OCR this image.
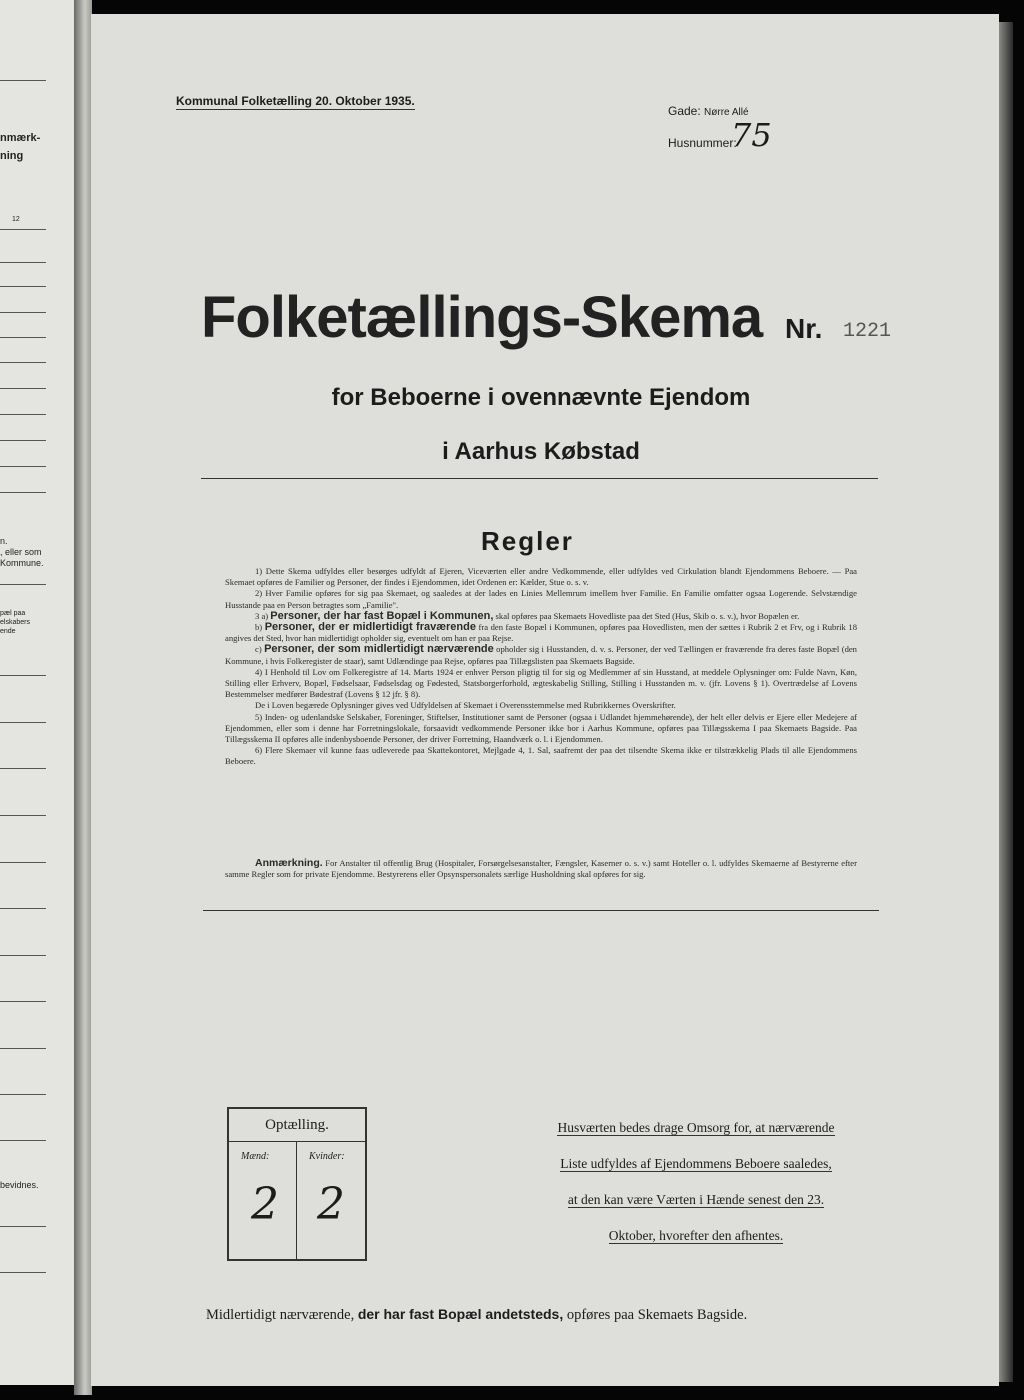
nmærk-
ning
12
n.
, eller som
Kommune.
pæl paa
elskabers
ende
bevidnes.
Kommunal Folketælling 20. Oktober 1935.
Gade: Nørre Allé
Husnummer:
75
Folketællings-Skema Nr. 1221
for Beboerne i ovennævnte Ejendom
i Aarhus Købstad
Regler

1) Dette Skema udfyldes eller besørges udfyldt af Ejeren, Viceværten eller andre Vedkommende, eller udfyldes ved Cirkulation blandt Ejendommens Beboere. — Paa Skemaet opføres de Familier og Personer, der findes i Ejendommen, idet Ordenen er: Kælder, Stue o. s. v.

2) Hver Familie opføres for sig paa Skemaet, og saaledes at der lades en Linies Mellemrum imellem hver Familie. En Familie omfatter ogsaa Logerende. Selvstændige Husstande paa en Person betragtes som „Familie".

3 a) Personer, der har fast Bopæl i Kommunen, skal opføres paa Skemaets Hovedliste paa det Sted (Hus, Skib o. s. v.), hvor Bopælen er.

b) Personer, der er midlertidigt fraværende fra den faste Bopæl i Kommunen, opføres paa Hovedlisten, men der sættes i Rubrik 2 et Frv, og i Rubrik 18 angives det Sted, hvor han midlertidigt opholder sig, eventuelt om han er paa Rejse.

c) Personer, der som midlertidigt nærværende opholder sig i Husstanden, d. v. s. Personer, der ved Tællingen er fraværende fra deres faste Bopæl (den Kommune, i hvis Folkeregister de staar), samt Udlændinge paa Rejse, opføres paa Tillægslisten paa Skemaets Bagside.

4) I Henhold til Lov om Folkeregistre af 14. Marts 1924 er enhver Person pligtig til for sig og Medlemmer af sin Husstand, at meddele Oplysninger om: Fulde Navn, Køn, Stilling eller Erhverv, Bopæl, Fødselsaar, Fødselsdag og Fødested, Statsborgerforhold, ægteskabelig Stilling, Stilling i Husstanden m. v. (jfr. Lovens § 1). Overtrædelse af Lovens Bestemmelser medfører Bødestraf (Lovens § 12 jfr. § 8).

De i Loven begærede Oplysninger gives ved Udfyldelsen af Skemaet i Overensstemmelse med Rubrikkernes Overskrifter.

5) Inden- og udenlandske Selskaber, Foreninger, Stiftelser, Institutioner samt de Personer (ogsaa i Udlandet hjemmehørende), der helt eller delvis er Ejere eller Medejere af Ejendommen, eller som i denne har Forretningslokale, forsaavidt vedkommende Personer ikke bor i Aarhus Kommune, opføres paa Tillægsskema I paa Skemaets Bagside. Paa Tillægsskema II opføres alle indenbysboende Personer, der driver Forretning, Haandværk o. l. i Ejendommen.

6) Flere Skemaer vil kunne faas udleverede paa Skattekontoret, Mejlgade 4, 1. Sal, saafremt der paa det tilsendte Skema ikke er tilstrækkelig Plads til alle Ejendommens Beboere.

Anmærkning. For Anstalter til offentlig Brug (Hospitaler, Forsørgelsesanstalter, Fængsler, Kaserner o. s. v.) samt Hoteller o. l. udfyldes Skemaerne af Bestyrerne efter samme Regler som for private Ejendomme. Bestyrerens eller Opsynspersonalets særlige Husholdning skal opføres for sig.
Optælling.
Mænd:	Kvinder:
2 2
Husværten bedes drage Omsorg for, at nærværende
Liste udfyldes af Ejendommens Beboere saaledes,
at den kan være Værten i Hænde senest den 23.
Oktober, hvorefter den afhentes.
Midlertidigt nærværende, der har fast Bopæl andetsteds, opføres paa Skemaets Bagside.
